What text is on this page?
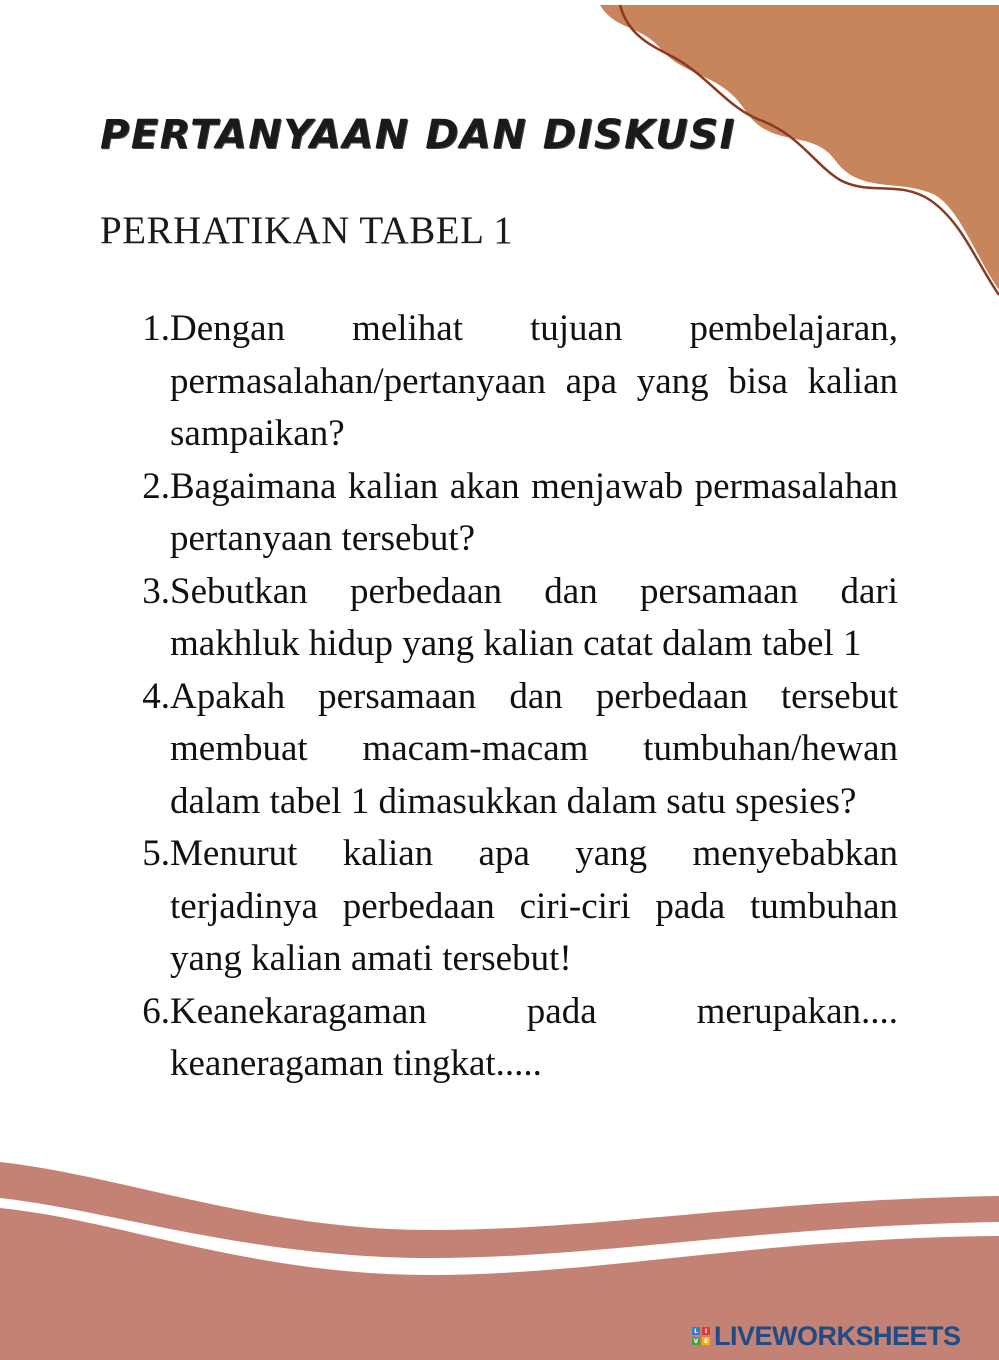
PERTANYAAN DAN DISKUSI

PERHATIKAN TABEL 1

1. Dengan melihat tujuan pembelajaran, permasalahan/pertanyaan apa yang bisa kalian sampaikan?
2. Bagaimana kalian akan menjawab permasalahan pertanyaan tersebut?
3. Sebutkan perbedaan dan persamaan dari makhluk hidup yang kalian catat dalam tabel 1
4. Apakah persamaan dan perbedaan tersebut membuat macam-macam tumbuhan/hewan dalam tabel 1 dimasukkan dalam satu spesies?
5. Menurut kalian apa yang menyebabkan terjadinya perbedaan ciri-ciri pada tumbuhan yang kalian amati tersebut!
6. Keanekaragaman pada merupakan.... keaneragaman tingkat.....
L	I
V E LIVEWORKSHEETS
